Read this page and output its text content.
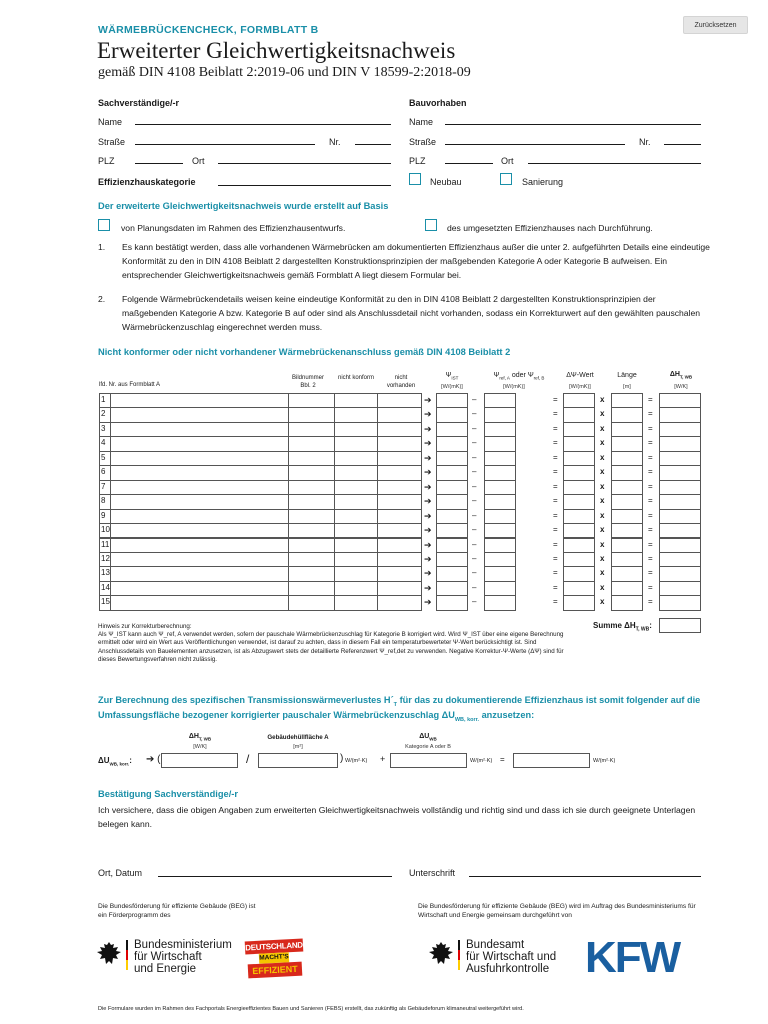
Zurücksetzen
WÄRMEBRÜCKENCHECK, FORMBLATT B
Erweiterter Gleichwertigkeitsnachweis
gemäß DIN 4108 Beiblatt 2:2019-06 und DIN V 18599-2:2018-09
Sachverständige/-r
Name
Straße	Nr.
PLZ	Ort
Effizienzhauskategorie
Bauvorhaben
Name
Straße	Nr.
PLZ	Ort
Neubau	Sanierung
Der erweiterte Gleichwertigkeitsnachweis wurde erstellt auf Basis
von Planungsdaten im Rahmen des Effizienzhausentwurfs.	des umgesetzten Effizienzhauses nach Durchführung.
1. Es kann bestätigt werden, dass alle vorhandenen Wärmebrücken am dokumentierten Effizienzhaus außer die unter 2. aufgeführten Details eine eindeutige Konformität zu den in DIN 4108 Beiblatt 2 dargestellten Konstruktionsprinzipien der maßgebenden Kategorie A oder Kategorie B aufweisen. Ein entsprechender Gleichwertigkeitsnachweis gemäß Formblatt A liegt diesem Formular bei.
2. Folgende Wärmebrückendetails weisen keine eindeutige Konformität zu den in DIN 4108 Beiblatt 2 dargestellten Konstruktionsprinzipien der maßgebenden Kategorie A bzw. Kategorie B auf oder sind als Anschlussdetail nicht vorhanden, sodass ein Korrekturwert auf den gewählten pauschalen Wärmebrückenzuschlag eingerechnet werden muss.
Nicht konformer oder nicht vorhandener Wärmebrückenanschluss gemäß DIN 4108 Beiblatt 2
lfd. Nr. aus Formblatt A
Bildnummer Bbl. 2
nicht konform	nicht vorhanden
$\Psi_{IST}$
[W/(mK)]
$\Psi_{ref, A}$ oder $\Psi_{ref, B}$
[W/(mK)]
ΔΨ-Wert
[W/(mK)]
Länge
[m]
$\Delta H_{T, WB}$
[W/K]
1	➔	–	=	x	=
2	➔	–	=	x	=
3	➔	–	=	x	=
4	➔	–	=	x	=
5	➔	–	=	x	=
6	➔	–	=	x	=
7	➔	–	=	x	=
8	➔	–	=	x	=
9	➔	–	=	x	=
10	➔	–	=	x	=
11	➔	–	=	x	=
12	➔	–	=	x	=
13	➔	–	=	x	=
14	➔	–	=	x	=
15	➔	–	=	x	=
Summe $\Delta H_{T, WB}$:
Hinweis zur Korrekturberechnung:
Als Ψ_IST kann auch Ψ_ref, A verwendet werden, sofern der pauschale Wärmebrückenzuschlag für Kategorie B korrigiert wird. Wird Ψ_IST über eine eigene Berechnung ermittelt oder wird ein Wert aus Veröffentlichungen verwendet, ist darauf zu achten, dass in diesem Fall ein temperaturbewerteter Ψ-Wert berücksichtigt ist. Sind Anschlussdetails von Bauelementen anzusetzen, ist als Abzugswert stets der detaillierte Referenzwert Ψ_ref,det zu verwenden. Negative Korrektur-Ψ-Werte (ΔΨ) sind für dieses Bewertungsverfahren nicht zulässig.
Zur Berechnung des spezifischen Transmissionswärmeverlustes $H´_T$ für das zu dokumentierende Effizienzhaus ist somit folgender auf die
Umfassungsfläche bezogener korrigierter pauschaler Wärmebrückenzuschlag $\Delta U_{WB, korr.}$ anzusetzen:
$\Delta H_{T, WB}$
[W/K]
Gebäudehüllfläche A
[m²]
$\Delta U_{WB}$
Kategorie A oder B
$\Delta U_{WB, korr.}$: ➔ (	/	) W/(m²·K) +	W/(m²·K) =	W/(m²·K)
Bestätigung Sachverständige/-r
Ich versichere, dass die obigen Angaben zum erweiterten Gleichwertigkeitsnachweis vollständig und richtig sind und dass ich sie durch geeignete Unterlagen belegen kann.
Ort, Datum	Unterschrift
Die Bundesförderung für effiziente Gebäude (BEG) ist ein Förderprogramm des
Die Bundesförderung für effiziente Gebäude (BEG) wird im Auftrag des Bundesministeriums für Wirtschaft und Energie gemeinsam durchgeführt von
Bundesministerium
für Wirtschaft
und Energie
DEUTSCHLAND
MACHT'S
EFFIZIENT
Bundesamt
für Wirtschaft und
Ausfuhrkontrolle KFW
Die Formulare wurden im Rahmen des Fachportals Energieeffizientes Bauen und Sanieren (FEBS) erstellt, das zukünftig als Gebäudeforum klimaneutral weitergeführt wird.
